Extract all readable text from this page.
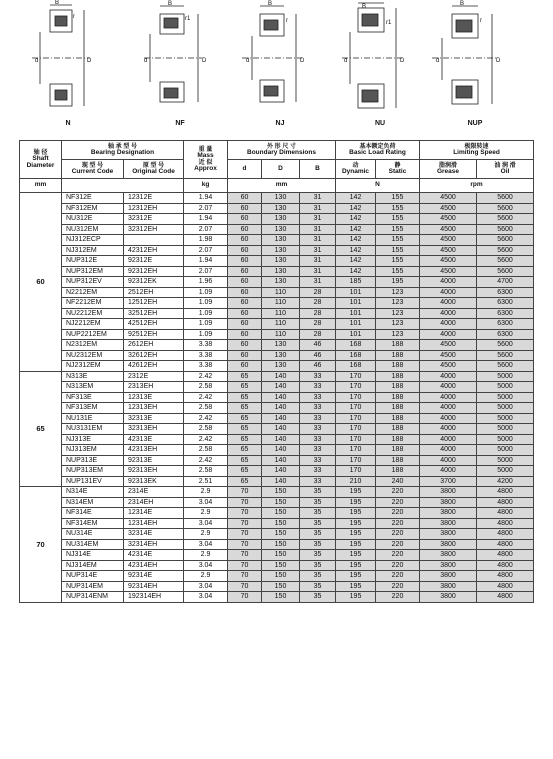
B
r
d	D
N
B
r1
d	D
NF
B
r
d	D
NJ
B
r1
d	D
NU
B
r
d	D
NUP
轴 径
Shaft
Diameter	轴 承 型 号
Bearing Designation		重 量
Mass
近 似
Approx	外 形 尺 寸
Boundary Dimensions			基本额定负荷
Basic Load Rating		极限转速
Limiting Speed	

	现 型 号
Current Code	原 型 号
Original Code		d	D	B	动
Dynamic	静
Static	脂润滑
Grease	油 润 滑
Oil

mm			kg	mm			N		rpm	
60	NF312E	12312E	1.94	60	130	31	142	155	4500	5600
	NF312EM	12312EH	2.07	60	130	31	142	155	4500	5600
	NU312E	32312E	1.94	60	130	31	142	155	4500	5600
	NU312EM	32312EH	2.07	60	130	31	142	155	4500	5600
	NJ312ECP		1.98	60	130	31	142	155	4500	5600
	NJ312EM	42312EH	2.07	60	130	31	142	155	4500	5600
	NUP312E	92312E	1.94	60	130	31	142	155	4500	5600
	NUP312EM	92312EH	2.07	60	130	31	142	155	4500	5600
	NUP312EV	92312EK	1.96	60	130	31	185	195	4000	4700
	N2212EM	2512EH	1.09	60	110	28	101	123	4000	6300
	NF2212EM	12512EH	1.09	60	110	28	101	123	4000	6300
	NU2212EM	32512EH	1.09	60	110	28	101	123	4000	6300
	NJ2212EM	42512EH	1.09	60	110	28	101	123	4000	6300
	NUP2212EM	92512EH	1.09	60	110	28	101	123	4000	6300
	N2312EM	2612EH	3.38	60	130	46	168	188	4500	5600
	NU2312EM	32612EH	3.38	60	130	46	168	188	4500	5600
	NJ2312EM	42612EH	3.38	60	130	46	168	188	4500	5600
65	N313E	2312E	2.42	65	140	33	170	188	4000	5000
	N313EM	2313EH	2.58	65	140	33	170	188	4000	5000
	NF313E	12313E	2.42	65	140	33	170	188	4000	5000
	NF313EM	12313EH	2.58	65	140	33	170	188	4000	5000
	NU131E	32313E	2.42	65	140	33	170	188	4000	5000
	NU3131EM	32313EH	2.58	65	140	33	170	188	4000	5000
	NJ313E	42313E	2.42	65	140	33	170	188	4000	5000
	NJ313EM	42313EH	2.58	65	140	33	170	188	4000	5000
	NUP313E	92313E	2.42	65	140	33	170	188	4000	5000
	NUP313EM	92313EH	2.58	65	140	33	170	188	4000	5000
	NUP131EV	92313EK	2.51	65	140	33	210	240	3700	4200
70	N314E	2314E	2.9	70	150	35	195	220	3800	4800
	N314EM	2314EH	3.04	70	150	35	195	220	3800	4800
	NF314E	12314E	2.9	70	150	35	195	220	3800	4800
	NF314EM	12314EH	3.04	70	150	35	195	220	3800	4800
	NU314E	32314E	2.9	70	150	35	195	220	3800	4800
	NU314EM	32314EH	3.04	70	150	35	195	220	3800	4800
	NJ314E	42314E	2.9	70	150	35	195	220	3800	4800
	NJ314EM	42314EH	3.04	70	150	35	195	220	3800	4800
	NUP314E	92314E	2.9	70	150	35	195	220	3800	4800
	NUP314EM	92314EH	3.04	70	150	35	195	220	3800	4800
	NUP314ENM	192314EH	3.04	70	150	35	195	220	3800	4800
